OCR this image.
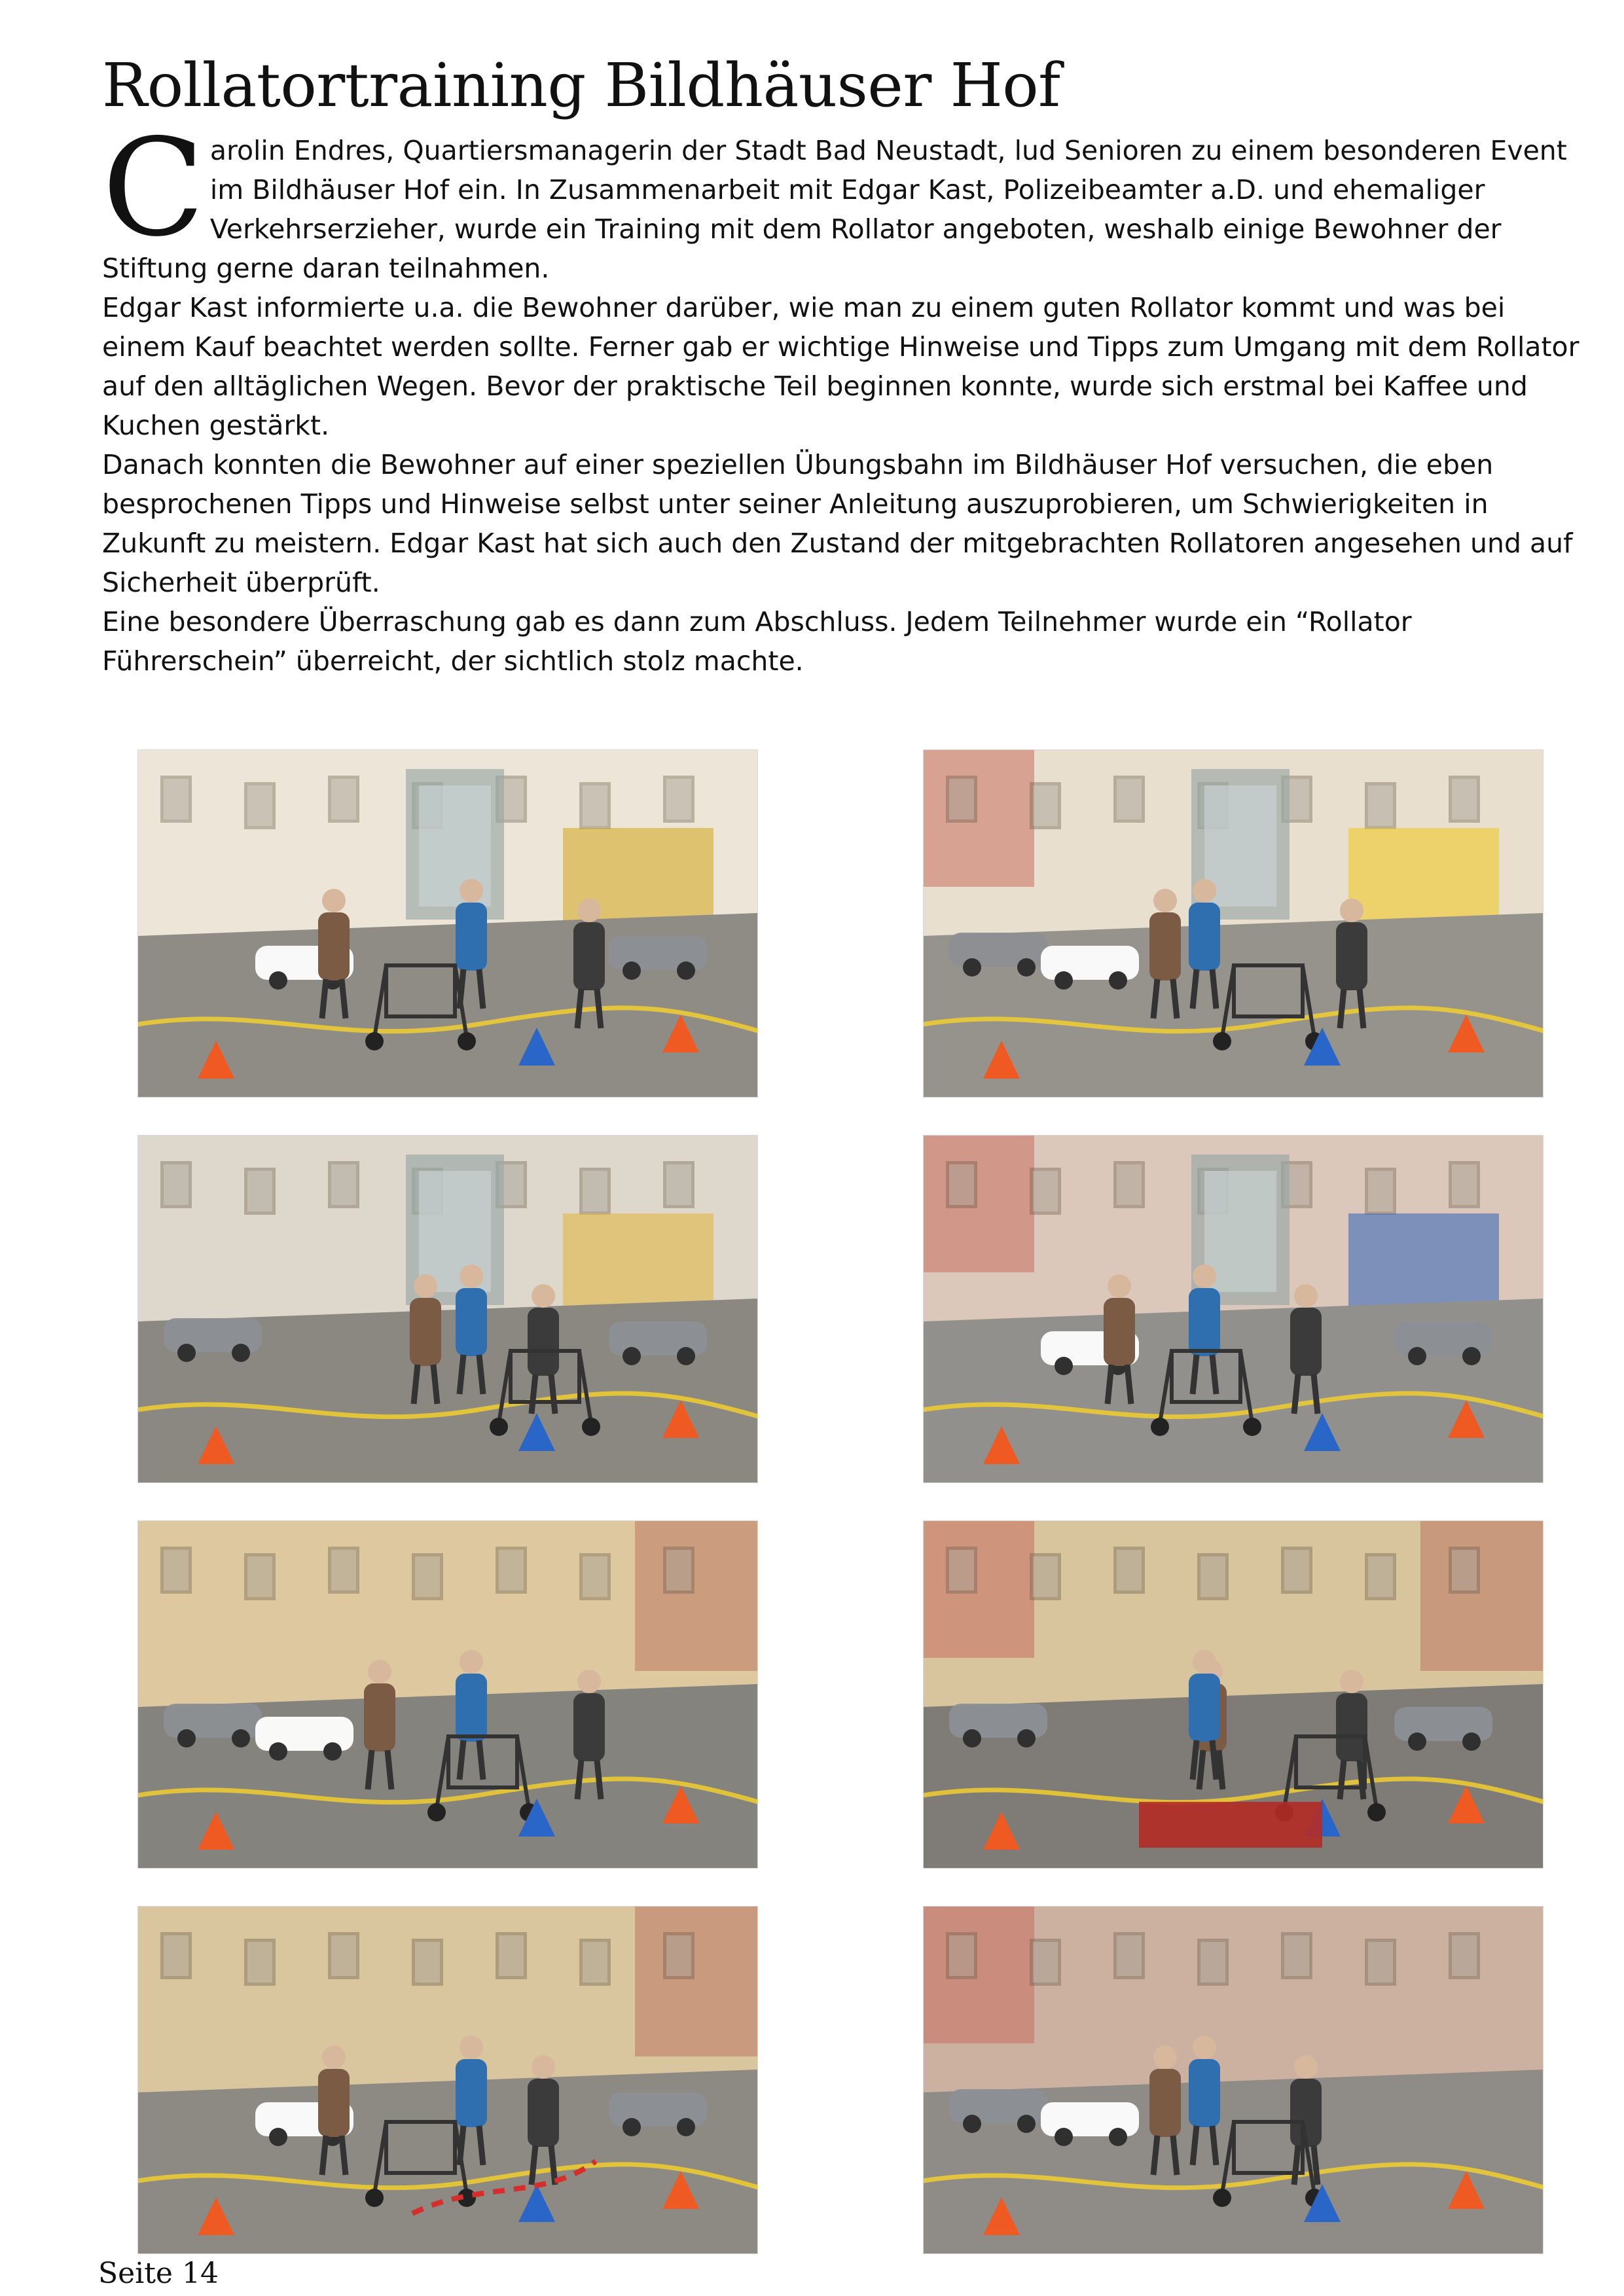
Rollatortraining Bildhäuser Hof

Carolin Endres, Quartiersmanagerin der Stadt Bad Neustadt, lud Senioren zu einem besonderen Event im Bildhäuser Hof ein. In Zusammenarbeit mit Edgar Kast, Polizeibeamter a.D. und ehemaliger Verkehrserzieher, wurde ein Training mit dem Rollator angeboten, weshalb einige Bewohner der Stiftung gerne daran teilnahmen.

Edgar Kast informierte u.a. die Bewohner darüber, wie man zu einem guten Rollator kommt und was bei einem Kauf beachtet werden sollte. Ferner gab er wichtige Hinweise und Tipps zum Umgang mit dem Rollator auf den alltäglichen Wegen. Bevor der praktische Teil beginnen konnte, wurde sich erstmal bei Kaffee und Kuchen gestärkt.

Danach konnten die Bewohner auf einer speziellen Übungsbahn im Bildhäuser Hof versuchen, die eben besprochenen Tipps und Hinweise selbst unter seiner Anleitung auszuprobieren, um Schwierigkeiten in Zukunft zu meistern. Edgar Kast hat sich auch den Zustand der mitgebrachten Rollatoren angesehen und auf Sicherheit überprüft.

Eine besondere Überraschung gab es dann zum Abschluss. Jedem Teilnehmer wurde ein “Rollator Führerschein” überreicht, der sichtlich stolz machte.

Seite 14
